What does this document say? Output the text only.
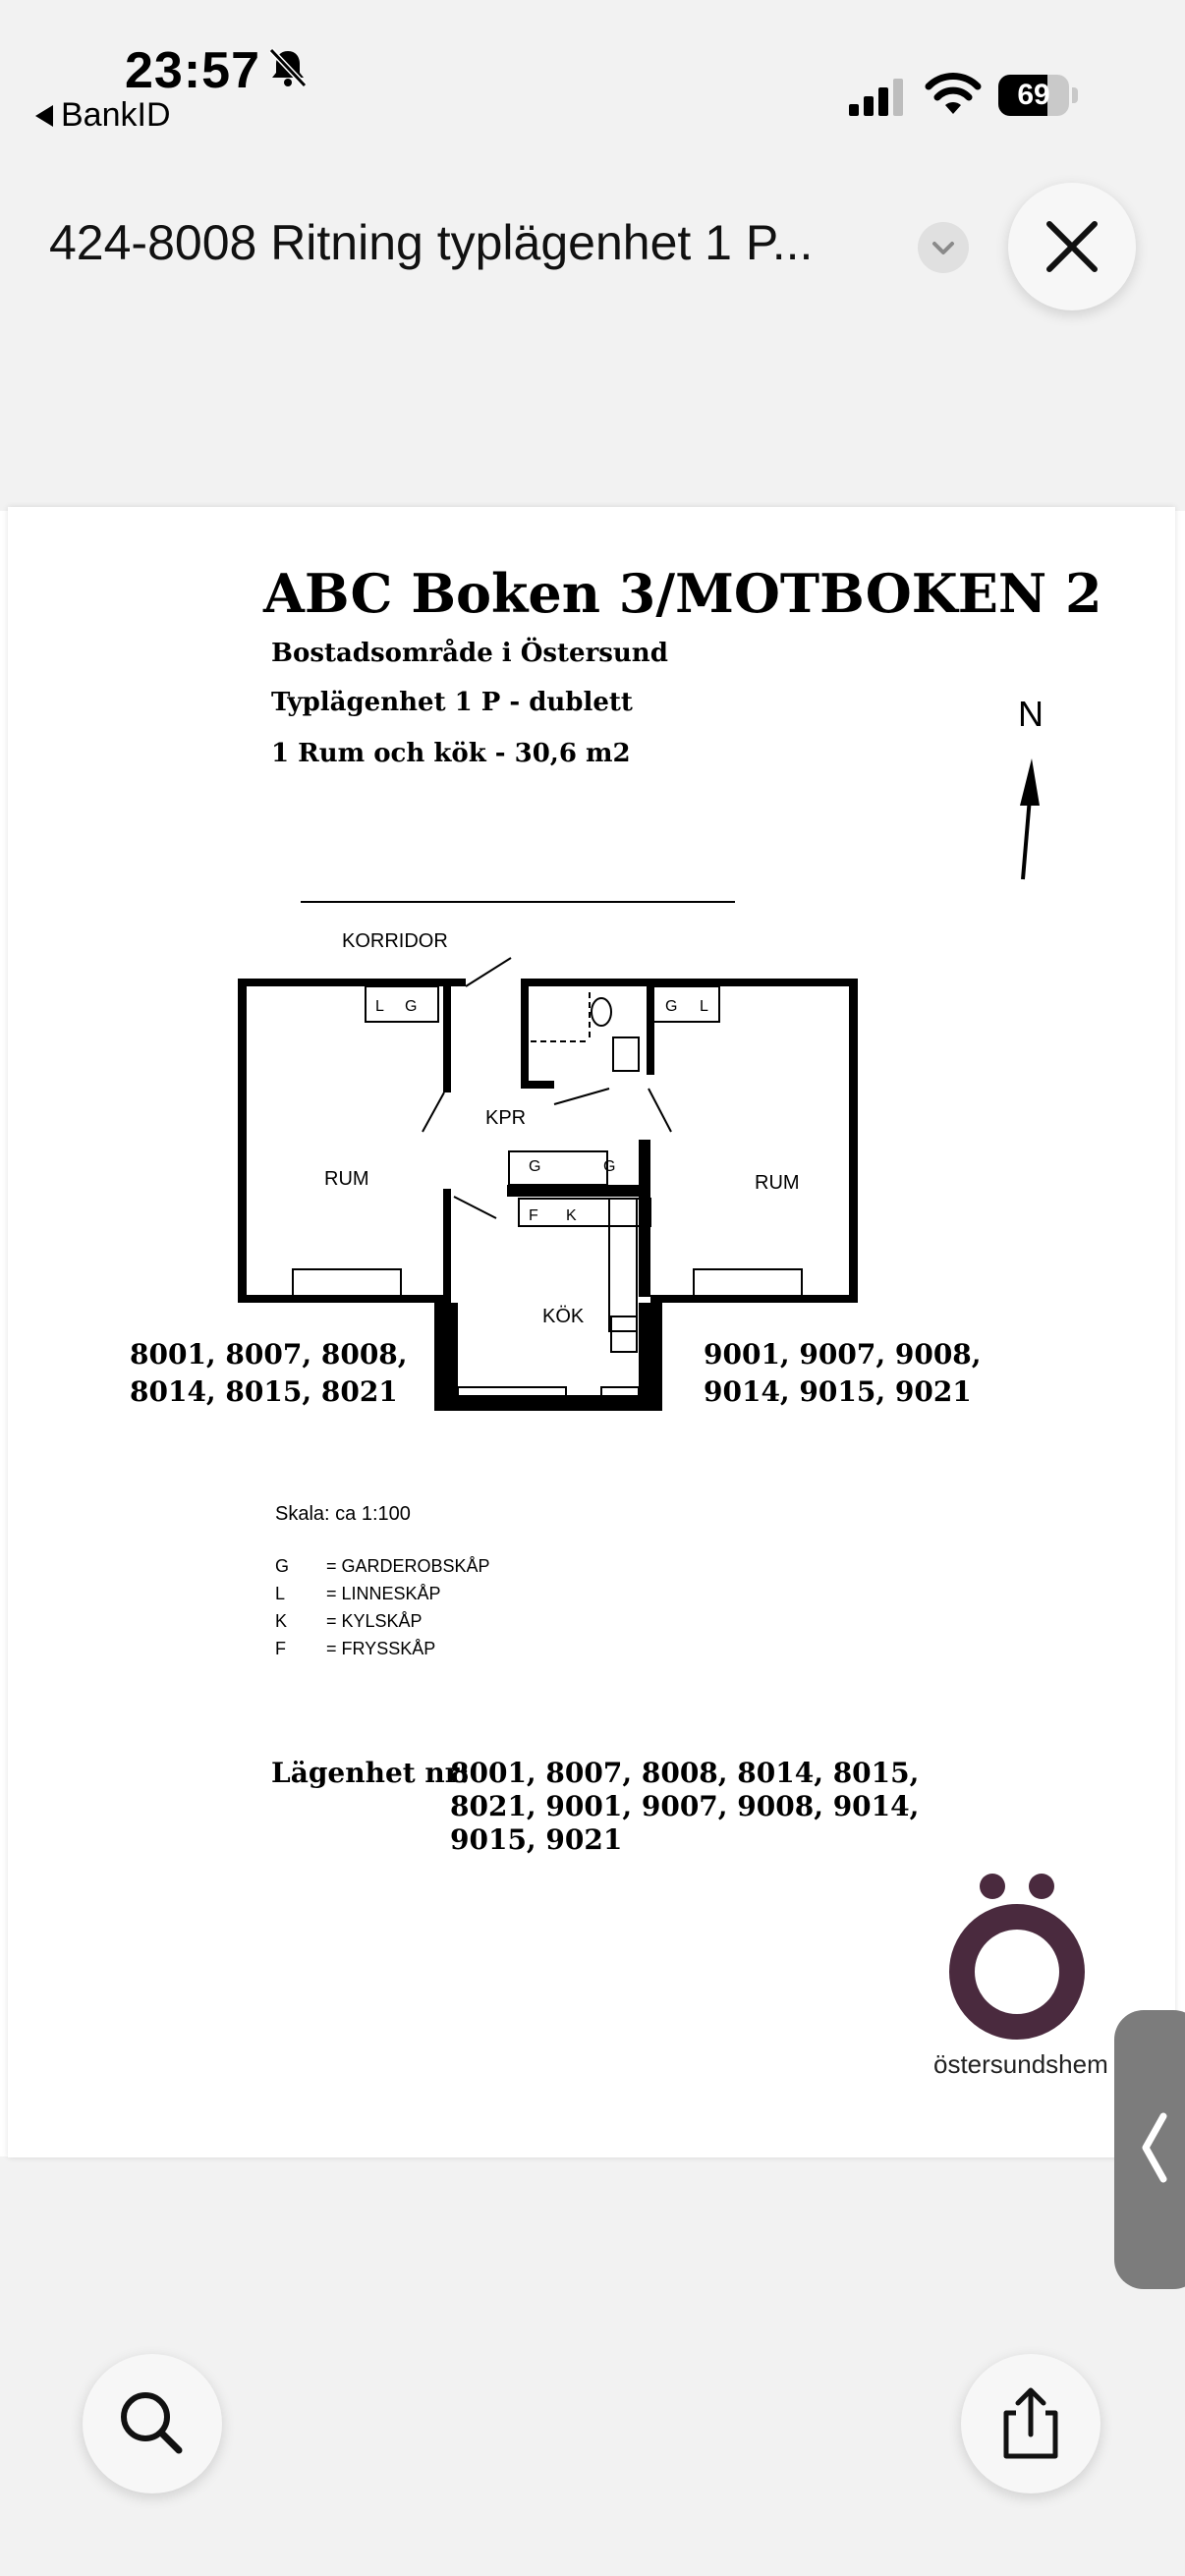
23:57
BankID
69
424-8008 Ritning typlägenhet 1 P...
ABC Boken 3/MOTBOKEN 2
Bostadsområde i Östersund
Typlägenhet 1 P - dublett
1 Rum och kök - 30,6 m2
N
L G	G L
G	G
F K
KORRIDOR
KPR
RUM	RUM
KÖK
8001, 8007, 8008,
8014, 8015, 8021
9001, 9007, 9008,
9014, 9015, 9021
Skala: ca 1:100
G	= GARDEROBSKÅP
L	= LINNESKÅP
K	= KYLSKÅP
F	= FRYSSKÅP
Lägenhet nr:
8001, 8007, 8008, 8014, 8015,
8021, 9001, 9007, 9008, 9014,
9015, 9021
östersundshem
